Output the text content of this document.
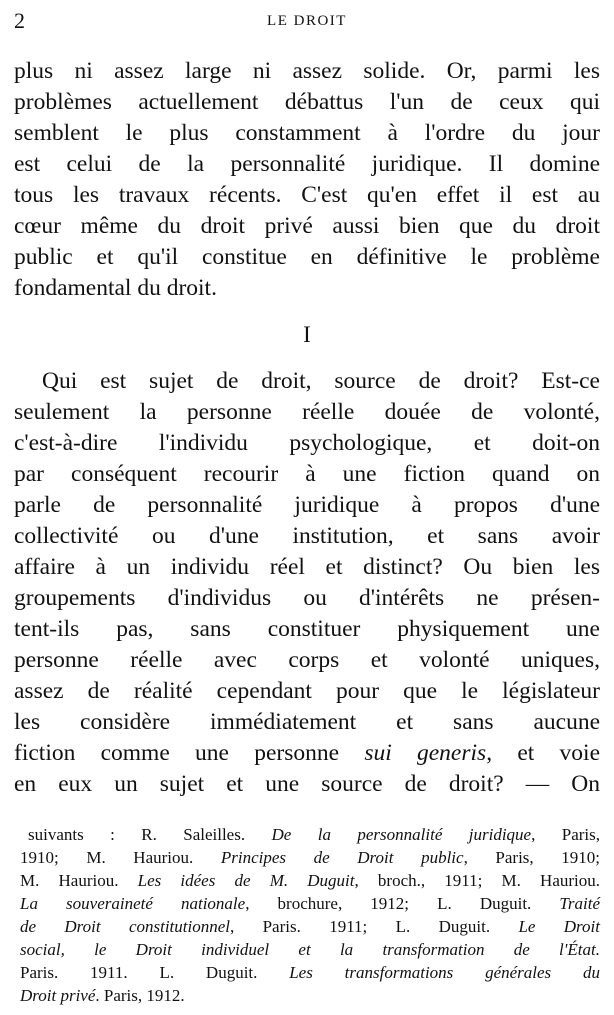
2	LE DROIT
plus ni assez large ni assez solide. Or, parmi les
problèmes actuellement débattus l'un de ceux qui
semblent le plus constamment à l'ordre du jour
est celui de la personnalité juridique. Il domine
tous les travaux récents. C'est qu'en effet il est au
cœur même du droit privé aussi bien que du droit
public et qu'il constitue en définitive le problème
fondamental du droit.
I
Qui est sujet de droit, source de droit? Est-ce
seulement la personne réelle douée de volonté,
c'est-à-dire l'individu psychologique, et doit-on
par conséquent recourir à une fiction quand on
parle de personnalité juridique à propos d'une
collectivité ou d'une institution, et sans avoir
affaire à un individu réel et distinct? Ou bien les
groupements d'individus ou d'intérêts ne présen-
tent-ils pas, sans constituer physiquement une
personne réelle avec corps et volonté uniques,
assez de réalité cependant pour que le législateur
les considère immédiatement et sans aucune
fiction comme une personne sui generis, et voie
en eux un sujet et une source de droit? — On
suivants : R. Saleilles. De la personnalité juridique, Paris,
1910; M. Hauriou. Principes de Droit public, Paris, 1910;
M. Hauriou. Les idées de M. Duguit, broch., 1911; M. Hauriou.
La souveraineté nationale, brochure, 1912; L. Duguit. Traité
de Droit constitutionnel, Paris. 1911; L. Duguit. Le Droit
social, le Droit individuel et la transformation de l'État.
Paris. 1911. L. Duguit. Les transformations générales du
Droit privé. Paris, 1912.
